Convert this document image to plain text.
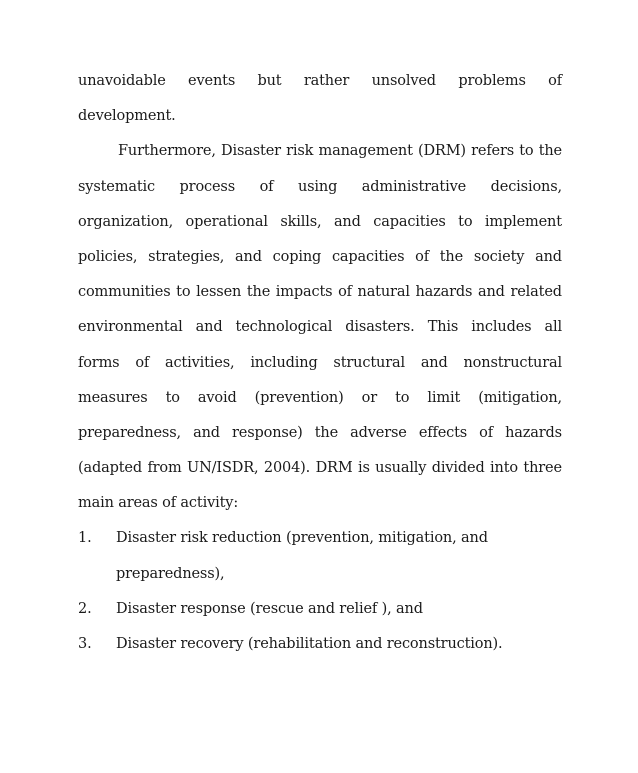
unavoidable events but rather unsolved problems of
development.
Furthermore, Disaster risk management (DRM) refers to the
systematic process of using administrative decisions,
organization, operational skills, and capacities to implement
policies, strategies, and coping capacities of the society and
communities to lessen the impacts of natural hazards and related
environmental and technological disasters. This includes all
forms of activities, including structural and nonstructural
measures to avoid (prevention) or to limit (mitigation,
preparedness, and response) the adverse effects of hazards
(adapted from UN/ISDR, 2004). DRM is usually divided into three
main areas of activity:
1.	Disaster risk reduction (prevention, mitigation, and
preparedness),
2.	Disaster response (rescue and relief ), and
3.	Disaster recovery (rehabilitation and reconstruction).
